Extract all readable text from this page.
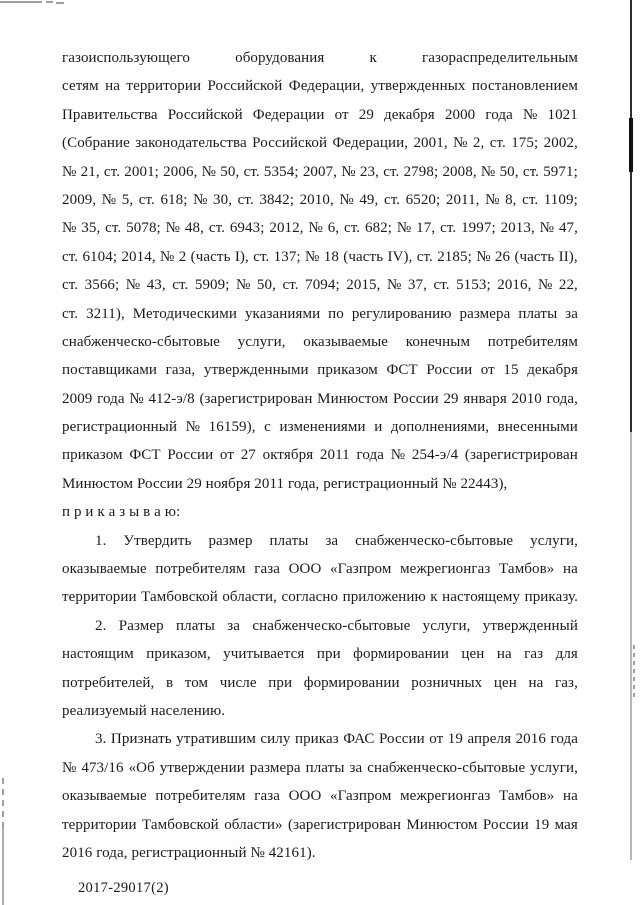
газоиспользующего	оборудования	к	газораспределительным
сетям на территории Российской Федерации, утвержденных постановлением
Правительства Российской Федерации от 29 декабря 2000 года № 1021
(Собрание законодательства Российской Федерации, 2001, № 2, ст. 175; 2002,
№ 21, ст. 2001; 2006, № 50, ст. 5354; 2007, № 23, ст. 2798; 2008, № 50, ст. 5971;
2009, № 5, ст. 618; № 30, ст. 3842; 2010, № 49, ст. 6520; 2011, № 8, ст. 1109;
№ 35, ст. 5078; № 48, ст. 6943; 2012, № 6, ст. 682; № 17, ст. 1997; 2013, № 47,
ст. 6104; 2014, № 2 (часть I), ст. 137; № 18 (часть IV), ст. 2185; № 26 (часть II),
ст. 3566; № 43, ст. 5909; № 50, ст. 7094; 2015, № 37, ст. 5153; 2016, № 22,
ст. 3211), Методическими указаниями по регулированию размера платы за
снабженческо-сбытовые услуги, оказываемые конечным потребителям
поставщиками газа, утвержденными приказом ФСТ России от 15 декабря
2009 года № 412-э/8 (зарегистрирован Минюстом России 29 января 2010 года,
регистрационный № 16159), с изменениями и дополнениями, внесенными
приказом ФСТ России от 27 октября 2011 года № 254-э/4 (зарегистрирован
Минюстом России 29 ноября 2011 года, регистрационный № 22443),
п р и к а з ы в а ю:
1. Утвердить размер платы за снабженческо-сбытовые услуги,
оказываемые потребителям газа ООО «Газпром межрегионгаз Тамбов» на
территории Тамбовской области, согласно приложению к настоящему приказу.
2. Размер платы за снабженческо-сбытовые услуги, утвержденный
настоящим приказом, учитывается при формировании цен на газ для
потребителей, в том числе при формировании розничных цен на газ,
реализуемый населению.
3. Признать утратившим силу приказ ФАС России от 19 апреля 2016 года
№ 473/16 «Об утверждении размера платы за снабженческо-сбытовые услуги,
оказываемые потребителям газа ООО «Газпром межрегионгаз Тамбов» на
территории Тамбовской области» (зарегистрирован Минюстом России 19 мая
2016 года, регистрационный № 42161).
2017-29017(2)
